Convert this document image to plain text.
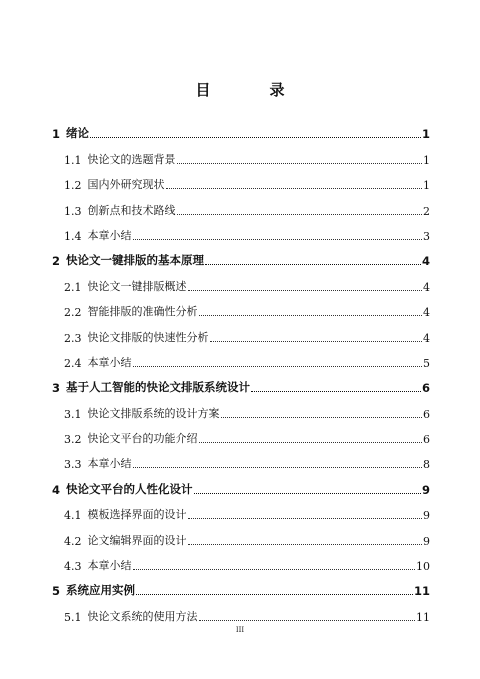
目　录
1 绪论	1
1.1 快论文的选题背景	1
1.2 国内外研究现状	1
1.3 创新点和技术路线	2
1.4 本章小结	3
2 快论文一键排版的基本原理	4
2.1 快论文一键排版概述	4
2.2 智能排版的准确性分析	4
2.3 快论文排版的快速性分析	4
2.4 本章小结	5
3 基于人工智能的快论文排版系统设计	6
3.1 快论文排版系统的设计方案	6
3.2 快论文平台的功能介绍	6
3.3 本章小结	8
4 快论文平台的人性化设计	9
4.1 模板选择界面的设计	9
4.2 论文编辑界面的设计	9
4.3 本章小结	10
5 系统应用实例	11
5.1 快论文系统的使用方法	11
III
